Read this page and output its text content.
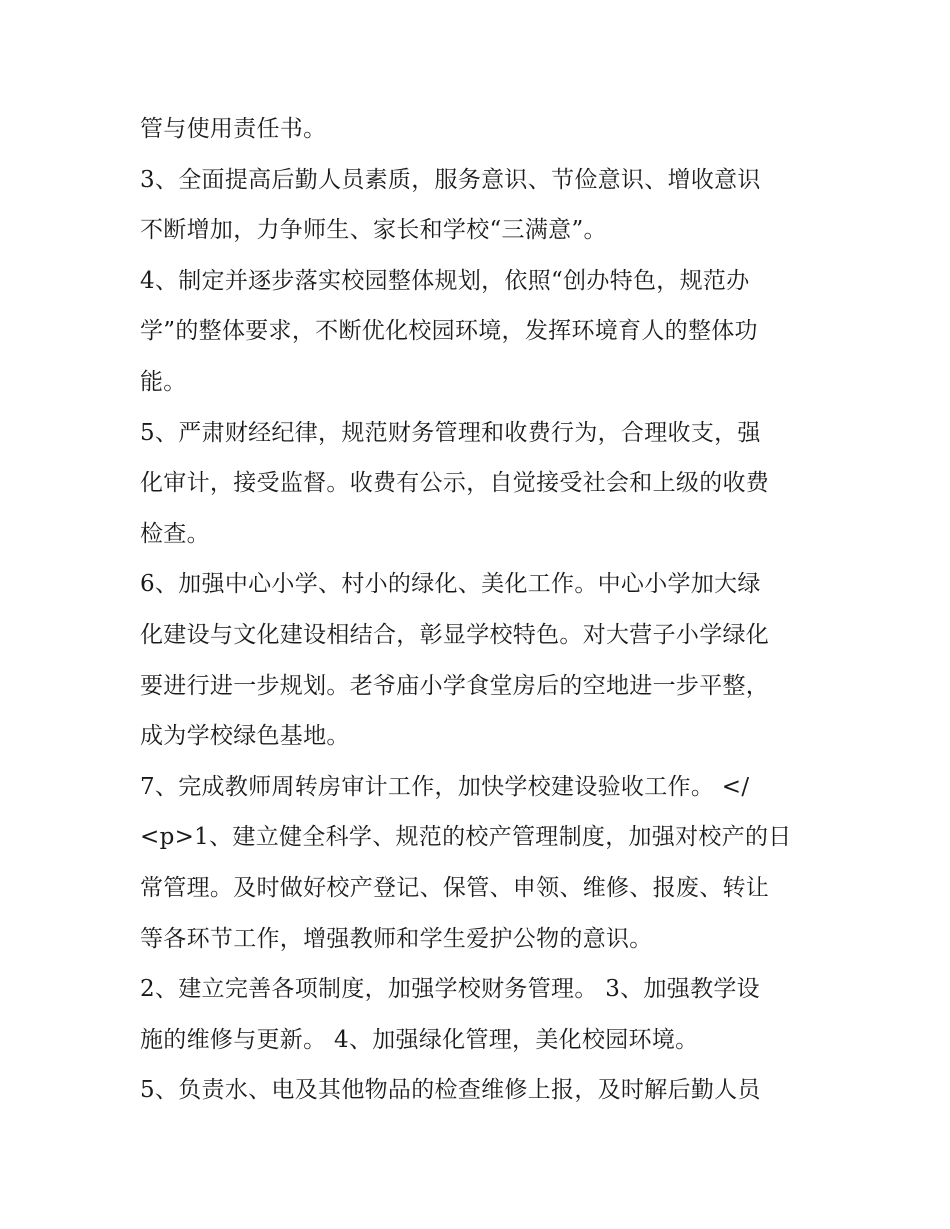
管与使用责任书。
3、全面提高后勤人员素质，服务意识、节俭意识、增收意识
不断增加，力争师生、家长和学校“三满意”。
4、制定并逐步落实校园整体规划，依照“创办特色，规范办
学”的整体要求，不断优化校园环境，发挥环境育人的整体功
能。
5、严肃财经纪律，规范财务管理和收费行为，合理收支，强
化审计，接受监督。收费有公示，自觉接受社会和上级的收费
检查。
6、加强中心小学、村小的绿化、美化工作。中心小学加大绿
化建设与文化建设相结合，彰显学校特色。对大营子小学绿化
要进行进一步规划。老爷庙小学食堂房后的空地进一步平整，
成为学校绿色基地。
7、完成教师周转房审计工作，加快学校建设验收工作。 </
<p>1、建立健全科学、规范的校产管理制度，加强对校产的日
常管理。及时做好校产登记、保管、申领、维修、报废、转让
等各环节工作，增强教师和学生爱护公物的意识。
2、建立完善各项制度，加强学校财务管理。 3、加强教学设
施的维修与更新。 4、加强绿化管理，美化校园环境。
5、负责水、电及其他物品的检查维修上报，及时解后勤人员
